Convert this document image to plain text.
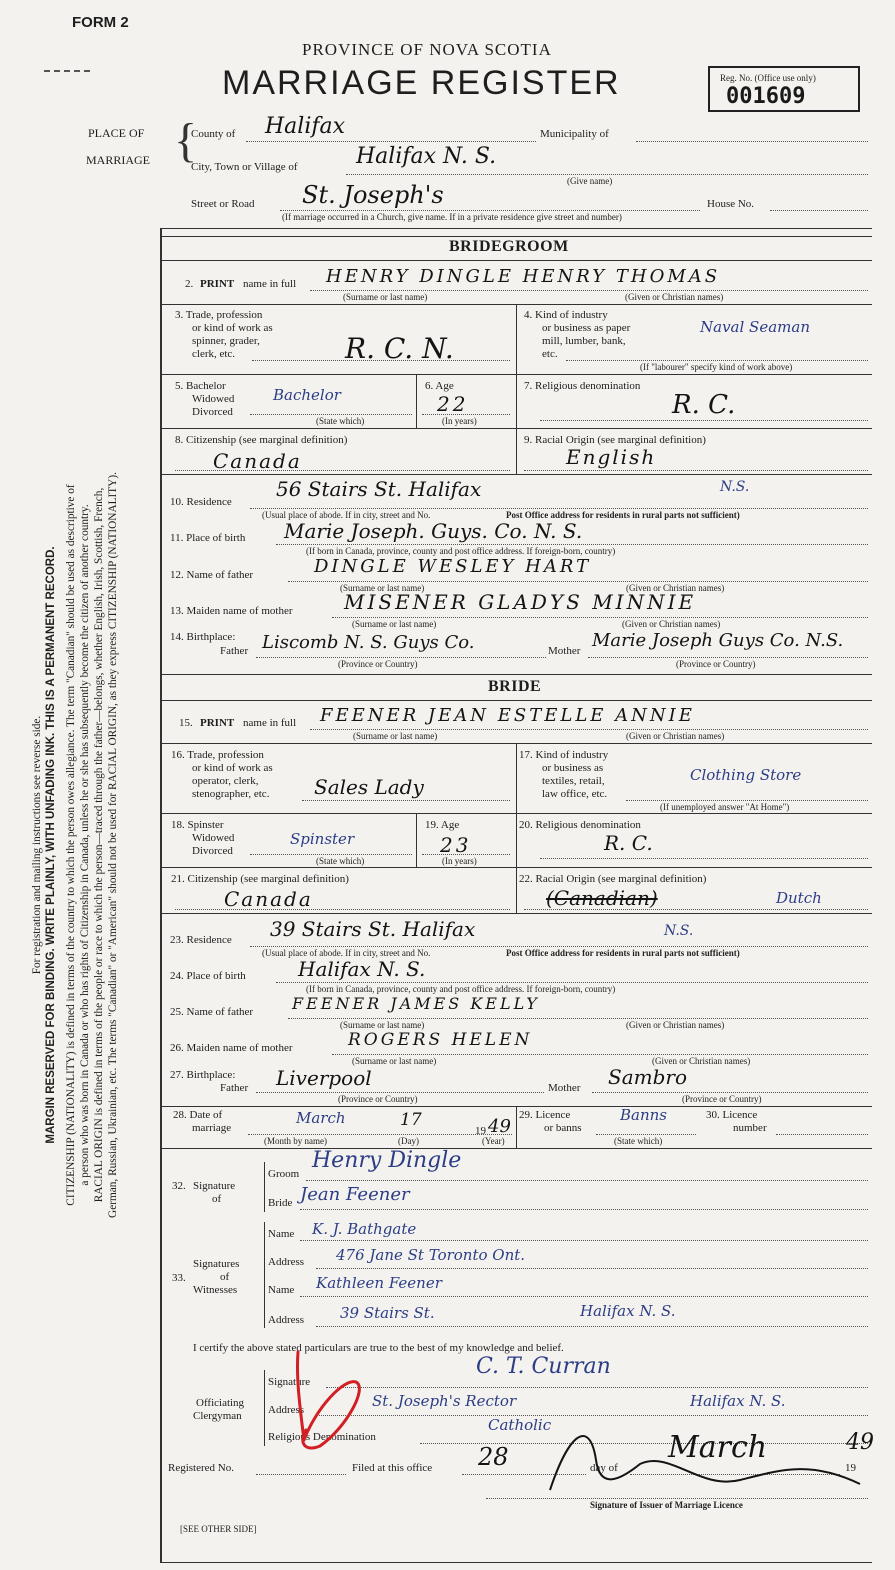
FORM 2
PROVINCE OF NOVA SCOTIA
MARRIAGE REGISTER	Reg. No. (Office use only)
001609
PLACE OF
MARRIAGE {
County of Halifax	Municipality of
City, Town or Village of	Halifax N. S.
(Give name)
Street or Road St. Joseph's	House No.
(If marriage occurred in a Church, give name. If in a private residence give street and number)
BRIDEGROOM
2. PRINT name in full HENRY DINGLE HENRY THOMAS
(Surname or last name)	(Given or Christian names)
3. Trade, profession
or kind of work as
spinner, grader,
clerk, etc.	R. C. N.
4. Kind of industry
or business as paper
mill, lumber, bank,
etc.
Naval Seaman
(If "labourer" specify kind of work above)
5. Bachelor
Widowed
Divorced
Bachelor
(State which)
6. Age
22
(In years)
7. Religious denomination
R. C.
8. Citizenship (see marginal definition)
Canada
9. Racial Origin (see marginal definition)
English
10. Residence
56 Stairs St. Halifax	N.S.
(Usual place of abode. If in city, street and No.	Post Office address for residents in rural parts not sufficient)
11. Place of birth Marie Joseph. Guys. Co. N. S.
(If born in Canada, province, county and post office address. If foreign-born, country)
12. Name of father	DINGLE WESLEY HART
(Surname or last name)	(Given or Christian names)
13. Maiden name of mother	MISENER GLADYS MINNIE
(Surname or last name)	(Given or Christian names)
14. Birthplace:
Father Liscomb N. S. Guys Co.
(Province or Country)
Mother Marie Joseph Guys Co. N.S.
(Province or Country)
BRIDE
15. PRINT name in full FEENER JEAN ESTELLE ANNIE
(Surname or last name)	(Given or Christian names)
16. Trade, profession
or kind of work as
operator, clerk,
stenographer, etc. Sales Lady
17. Kind of industry
or business as
textiles, retail,
law office, etc.
Clothing Store
(If unemployed answer "At Home")
18. Spinster
Widowed
Divorced
Spinster
(State which)
19. Age
23
(In years)
20. Religious denomination
R. C.
21. Citizenship (see marginal definition)
Canada
22. Racial Origin (see marginal definition)
(Canadian)	Dutch
23. Residence 39 Stairs St. Halifax	N.S.
(Usual place of abode. If in city, street and No.	Post Office address for residents in rural parts not sufficient)
24. Place of birth	Halifax N. S.
(If born in Canada, province, county and post office address. If foreign-born, country)
25. Name of father FEENER JAMES KELLY
(Surname or last name)	(Given or Christian names)
26. Maiden name of mother	ROGERS HELEN
(Surname or last name)	(Given or Christian names)
27. Birthplace:
Father Liverpool
(Province or Country)
Mother Sambro
(Province or Country)
28. Date of
marriage
March	17
19 49
(Month by name)	(Day)	(Year)
29. Licence
or banns
Banns
(State which)
30. Licence
number
32. Signature
of
Groom
Henry Dingle
Bride Jean Feener
33.
Signatures
of
Witnesses
Name K. J. Bathgate
Address 476 Jane St Toronto Ont.
Name Kathleen Feener
Address 39 Stairs St.	Halifax N. S.
I certify the above stated particulars are true to the best of my knowledge and belief.
Officiating
Clergyman
Signature
C. T. Curran
Address	St. Joseph's Rector	Halifax N. S.
Religious Denomination
Catholic
Registered No.	Filed at this office 28	day of
March
19
49
Signature of Issuer of Marriage Licence
[SEE OTHER SIDE]

For registration and mailing instructions see reverse side. MARGIN RESERVED FOR BINDING. WRITE PLAINLY, WITH UNFADING INK. THIS IS A PERMANENT RECORD. CITIZENSHIP (NATIONALITY) is defined in terms of the country to which the person owes allegiance. The term "Canadian" should be used as descriptive of a person who was born in Canada or who has rights of Citizenship in Canada, unless he or she has subsequently become the citizen of another country. RACIAL ORIGIN is defined in terms of the people or race to which the person—traced through the father—belongs, whether English, Irish, Scottish, French, German, Russian, Ukrainian, etc. The terms "Canadian" or "American" should not be used for RACIAL ORIGIN, as they express CITIZENSHIP (NATIONALITY).
